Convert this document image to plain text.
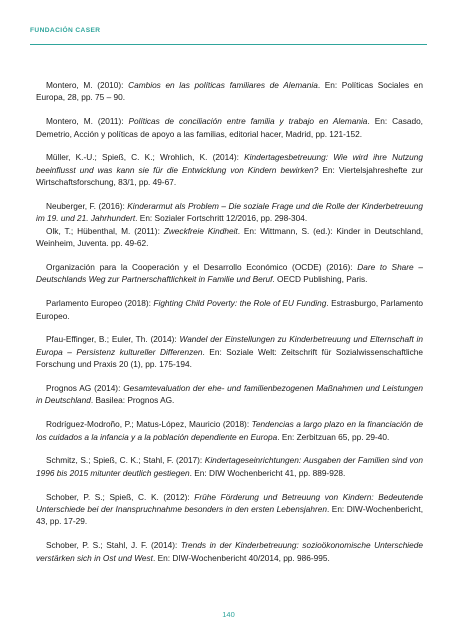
FUNDACIÓN CASER
Montero, M. (2010): Cambios en las políticas familiares de Alemania. En: Políticas Sociales en Europa, 28, pp. 75 – 90.
Montero, M. (2011): Políticas de conciliación entre familia y trabajo en Alemania. En: Casado, Demetrio, Acción y políticas de apoyo a las familias, editorial hacer, Madrid, pp. 121-152.
Müller, K.-U.; Spieß, C. K.; Wrohlich, K. (2014): Kindertagesbetreuung: Wie wird ihre Nutzung beeinflusst und was kann sie für die Entwicklung von Kindern bewirken? En: Viertelsjahreshefte zur Wirtschaftsforschung, 83/1, pp. 49-67.
Neuberger, F. (2016): Kinderarmut als Problem – Die soziale Frage und die Rolle der Kinderbetreuung im 19. und 21. Jahrhundert. En: Sozialer Fortschritt 12/2016, pp. 298-304.
Olk, T.; Hübenthal, M. (2011): Zweckfreie Kindheit. En: Wittmann, S. (ed.): Kinder in Deutschland, Weinheim, Juventa. pp. 49-62.
Organización para la Cooperación y el Desarrollo Económico (OCDE) (2016): Dare to Share – Deutschlands Weg zur Partnerschaftlichkeit in Familie und Beruf. OECD Publishing, Paris.
Parlamento Europeo (2018): Fighting Child Poverty: the Role of EU Funding. Estrasburgo, Parlamento Europeo.
Pfau-Effinger, B.; Euler, Th. (2014): Wandel der Einstellungen zu Kinderbetreuung und Elternschaft in Europa – Persistenz kultureller Differenzen. En: Soziale Welt: Zeitschrift für Sozialwissenschaftliche Forschung und Praxis 20 (1), pp. 175-194.
Prognos AG (2014): Gesamtevaluation der ehe- und familienbezogenen Maßnahmen und Leistungen in Deutschland. Basilea: Prognos AG.
Rodríguez-Modroño, P.; Matus-López, Mauricio (2018): Tendencias a largo plazo en la financiación de los cuidados a la infancia y a la población dependiente en Europa. En: Zerbitzuan 65, pp. 29-40.
Schmitz, S.; Spieß, C. K.; Stahl, F. (2017): Kindertageseinrichtungen: Ausgaben der Familien sind von 1996 bis 2015 mitunter deutlich gestiegen. En: DIW Wochenbericht 41, pp. 889-928.
Schober, P. S.; Spieß, C. K. (2012): Frühe Förderung und Betreuung von Kindern: Bedeutende Unterschiede bei der Inanspruchnahme besonders in den ersten Lebensjahren. En: DIW-Wochenbericht, 43, pp. 17-29.
Schober, P. S.; Stahl, J. F. (2014): Trends in der Kinderbetreuung: sozioökonomische Unterschiede verstärken sich in Ost und West. En: DIW-Wochenbericht 40/2014, pp. 986-995.
140
